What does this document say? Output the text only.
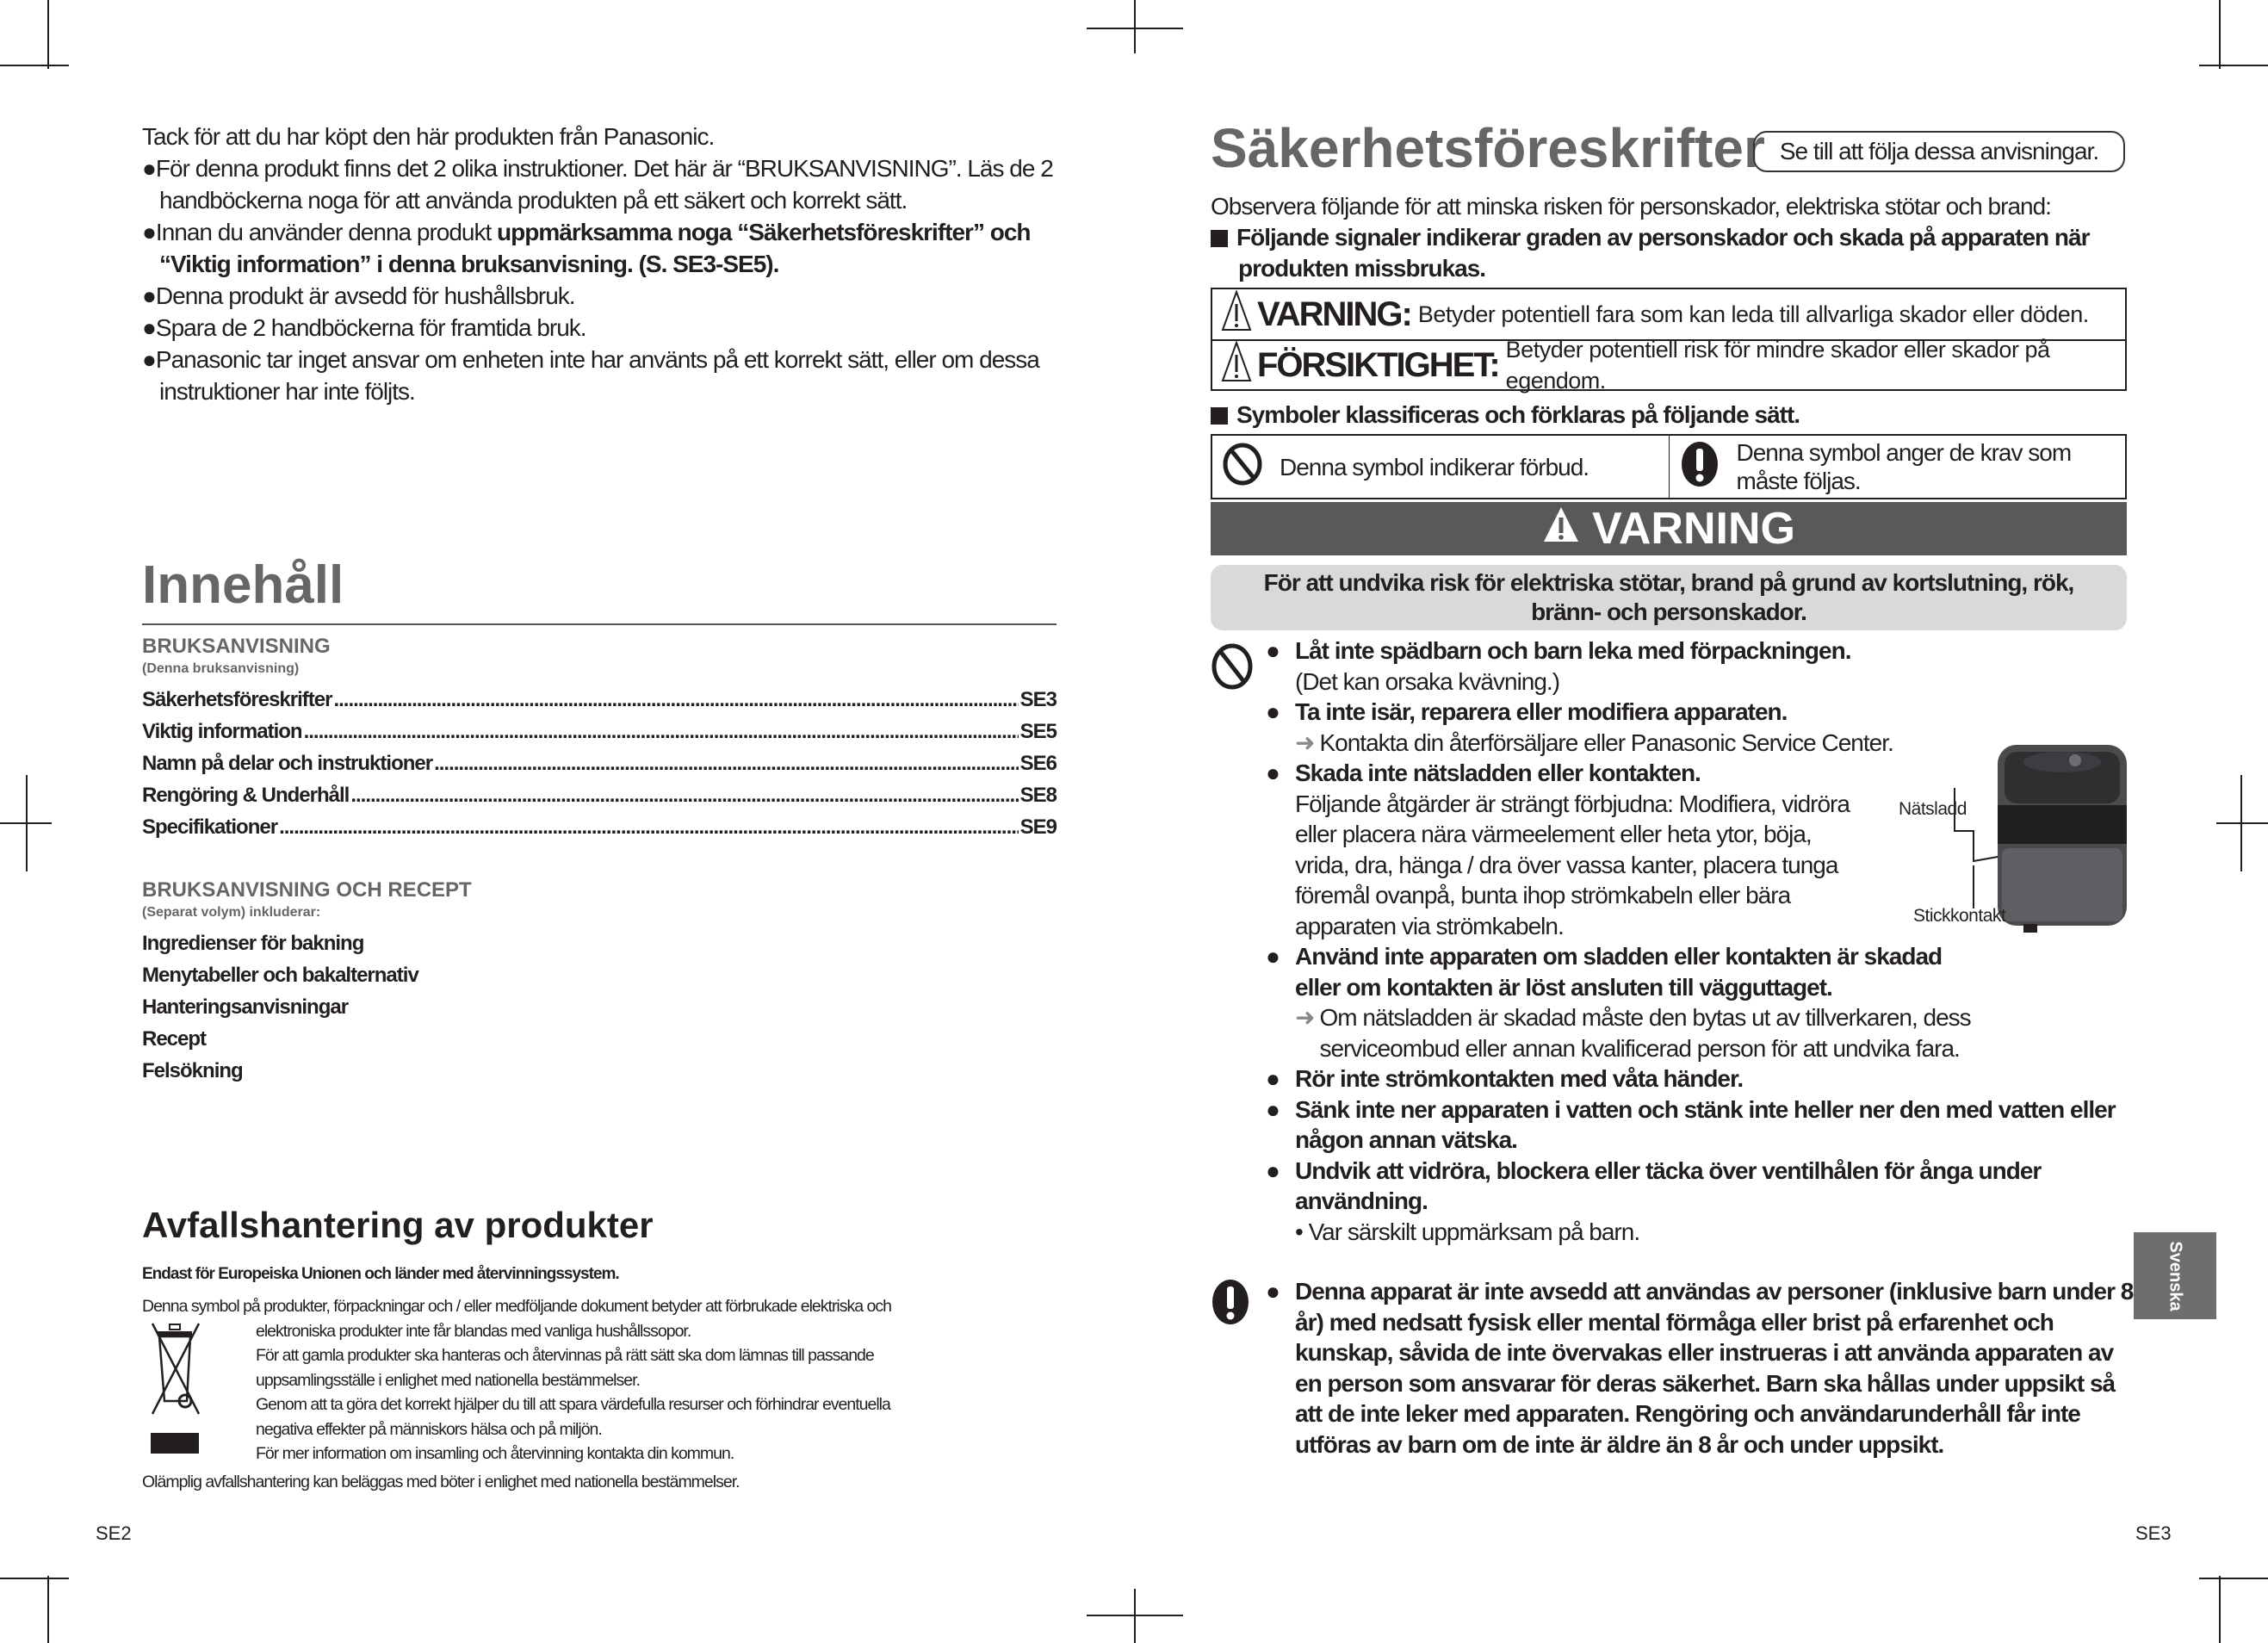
Tack för att du har köpt den här produkten från Panasonic.

●För denna produkt finns det 2 olika instruktioner. Det här är “BRUKSANVISNING”. Läs de 2 handböckerna noga för att använda produkten på ett säkert och korrekt sätt.

●Innan du använder denna produkt uppmärksamma noga “Säkerhetsföreskrifter” och “Viktig information” i denna bruksanvisning. (S. SE3-SE5).

●Denna produkt är avsedd för hushållsbruk.

●Spara de 2 handböckerna för framtida bruk.

●Panasonic tar inget ansvar om enheten inte har använts på ett korrekt sätt, eller om dessa instruktioner har inte följts.

Innehåll
BRUKSANVISNING
(Denna bruksanvisning)
Säkerhetsföreskrifter .....	SE3
Viktig information .....	SE5
Namn på delar och instruktioner .....	SE6
Rengöring & Underhåll .....	SE8
Specifikationer .....	SE9
BRUKSANVISNING OCH RECEPT
(Separat volym) inkluderar:
Ingredienser för bakning
Menytabeller och bakalternativ
Hanteringsanvisningar
Recept
Felsökning
Avfallshantering av produkter
Endast för Europeiska Unionen och länder med återvinningssystem.
Denna symbol på produkter, förpackningar och / eller medföljande dokument betyder att förbrukade elektriska och
elektroniska produkter inte får blandas med vanliga hushållssopor.
För att gamla produkter ska hanteras och återvinnas på rätt sätt ska dom lämnas till passande
uppsamlingsställe i enlighet med nationella bestämmelser.
Genom att ta göra det korrekt hjälper du till att spara värdefulla resurser och förhindrar eventuella
negativa effekter på människors hälsa och på miljön.
För mer information om insamling och återvinning kontakta din kommun.
Olämplig avfallshantering kan beläggas med böter i enlighet med nationella bestämmelser.
SE2
Säkerhetsföreskrifter Se till att följa dessa anvisningar.
Observera följande för att minska risken för personskador, elektriska stötar och brand:
Följande signaler indikerar graden av personskador och skada på apparaten när produkten missbrukas.
VARNING: Betyder potentiell fara som kan leda till allvarliga skador eller döden.
FÖRSIKTIGHET: Betyder potentiell risk för mindre skador eller skador på egendom.
Symboler klassificeras och förklaras på följande sätt.
Denna symbol indikerar förbud.
Denna symbol anger de krav som måste följas.
VARNING
För att undvika risk för elektriska stötar, brand på grund av kortslutning, rök, bränn- och personskador.
● Låt inte spädbarn och barn leka med förpackningen.
(Det kan orsaka kvävning.)
● Ta inte isär, reparera eller modifiera apparaten.
➜ Kontakta din återförsäljare eller Panasonic Service Center.
● Skada inte nätsladden eller kontakten.
Följande åtgärder är strängt förbjudna: Modifiera, vidröra eller placera nära värmeelement eller heta ytor, böja, vrida, dra, hänga / dra över vassa kanter, placera tunga föremål ovanpå, bunta ihop strömkabeln eller bära apparaten via strömkabeln.
● Använd inte apparaten om sladden eller kontakten är skadad eller om kontakten är löst ansluten till vägguttaget.
➜ Om nätsladden är skadad måste den bytas ut av tillverkaren, dess serviceombud eller annan kvalificerad person för att undvika fara.
● Rör inte strömkontakten med våta händer.
● Sänk inte ner apparaten i vatten och stänk inte heller ner den med vatten eller någon annan vätska.
● Undvik att vidröra, blockera eller täcka över ventilhålen för ånga under användning.
• Var särskilt uppmärksam på barn.
Nätsladd
Stickkontakt
● Denna apparat är inte avsedd att användas av personer (inklusive barn under 8 år) med nedsatt fysisk eller mental förmåga eller brist på erfarenhet och kunskap, såvida de inte övervakas eller instrueras i att använda apparaten av en person som ansvarar för deras säkerhet. Barn ska hållas under uppsikt så att de inte leker med apparaten. Rengöring och användarunderhåll får inte utföras av barn om de inte är äldre än 8 år och under uppsikt.
Svenska
SE3
